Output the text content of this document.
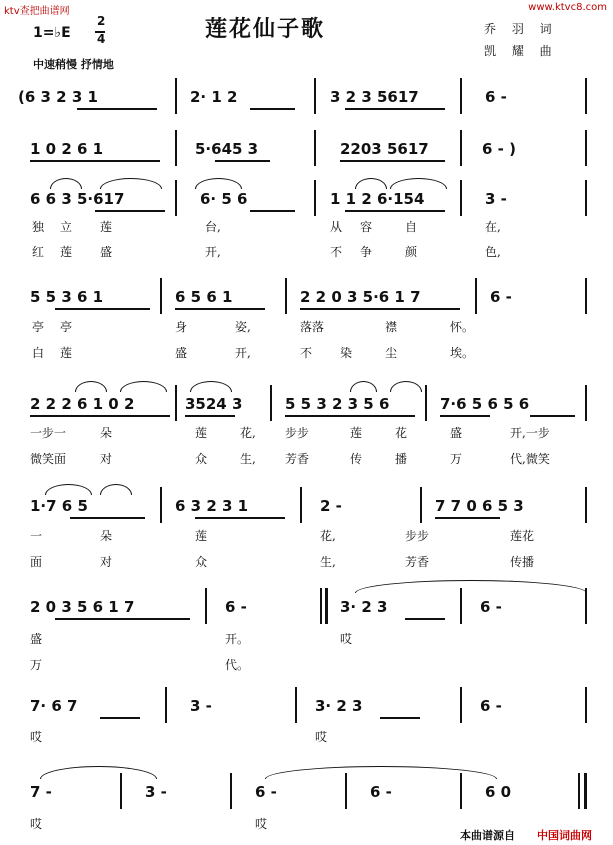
ktv查把曲谱网	www.ktvc8.com
莲花仙子歌	乔 羽 词
凯 耀 曲
1=♭E
2
4
中速稍慢 抒情地
(6 3 2 3 1	2· 1 2	3 2 3 5617	6 -
1 0 2 6 1	5·645 3	2203 5617	6 - )
6 6 3 5·617	6· 5 6	1 1 2 6·154	3 -
独 立 莲	台,	从 容	自	在,
红 莲 盛	开,	不 争	颜	色,
5 5 3 6 1	6 5 6 1	2 2 0 3 5·6 1 7	6 -
亭 亭	身	姿,	落落	襟	怀。
白 莲	盛	开,	不 染	尘	埃。
2 2 2 6 1 0 2	3524 3	5 5 3 2 3 5 6	7·6 5 6 5 6
一步一	朵	莲	花, 步步	莲	花	盛	开,一步
微笑面	对	众	生, 芳香	传	播	万	代,微笑
1·7 6 5	6 3 2 3 1	2 -	7 7 0 6 5 3
一	朵	莲	花,	步步	莲花
面	对	众	生,	芳香	传播
2 0 3 5 6 1 7	6 -	3· 2 3	6 -
盛	开。	哎
万	代。
7· 6 7	3 -	3· 2 3	6 -
哎	哎
7 -	3 -	6 -	6 -	6 0
哎	哎
本曲谱源自 中国词曲网
